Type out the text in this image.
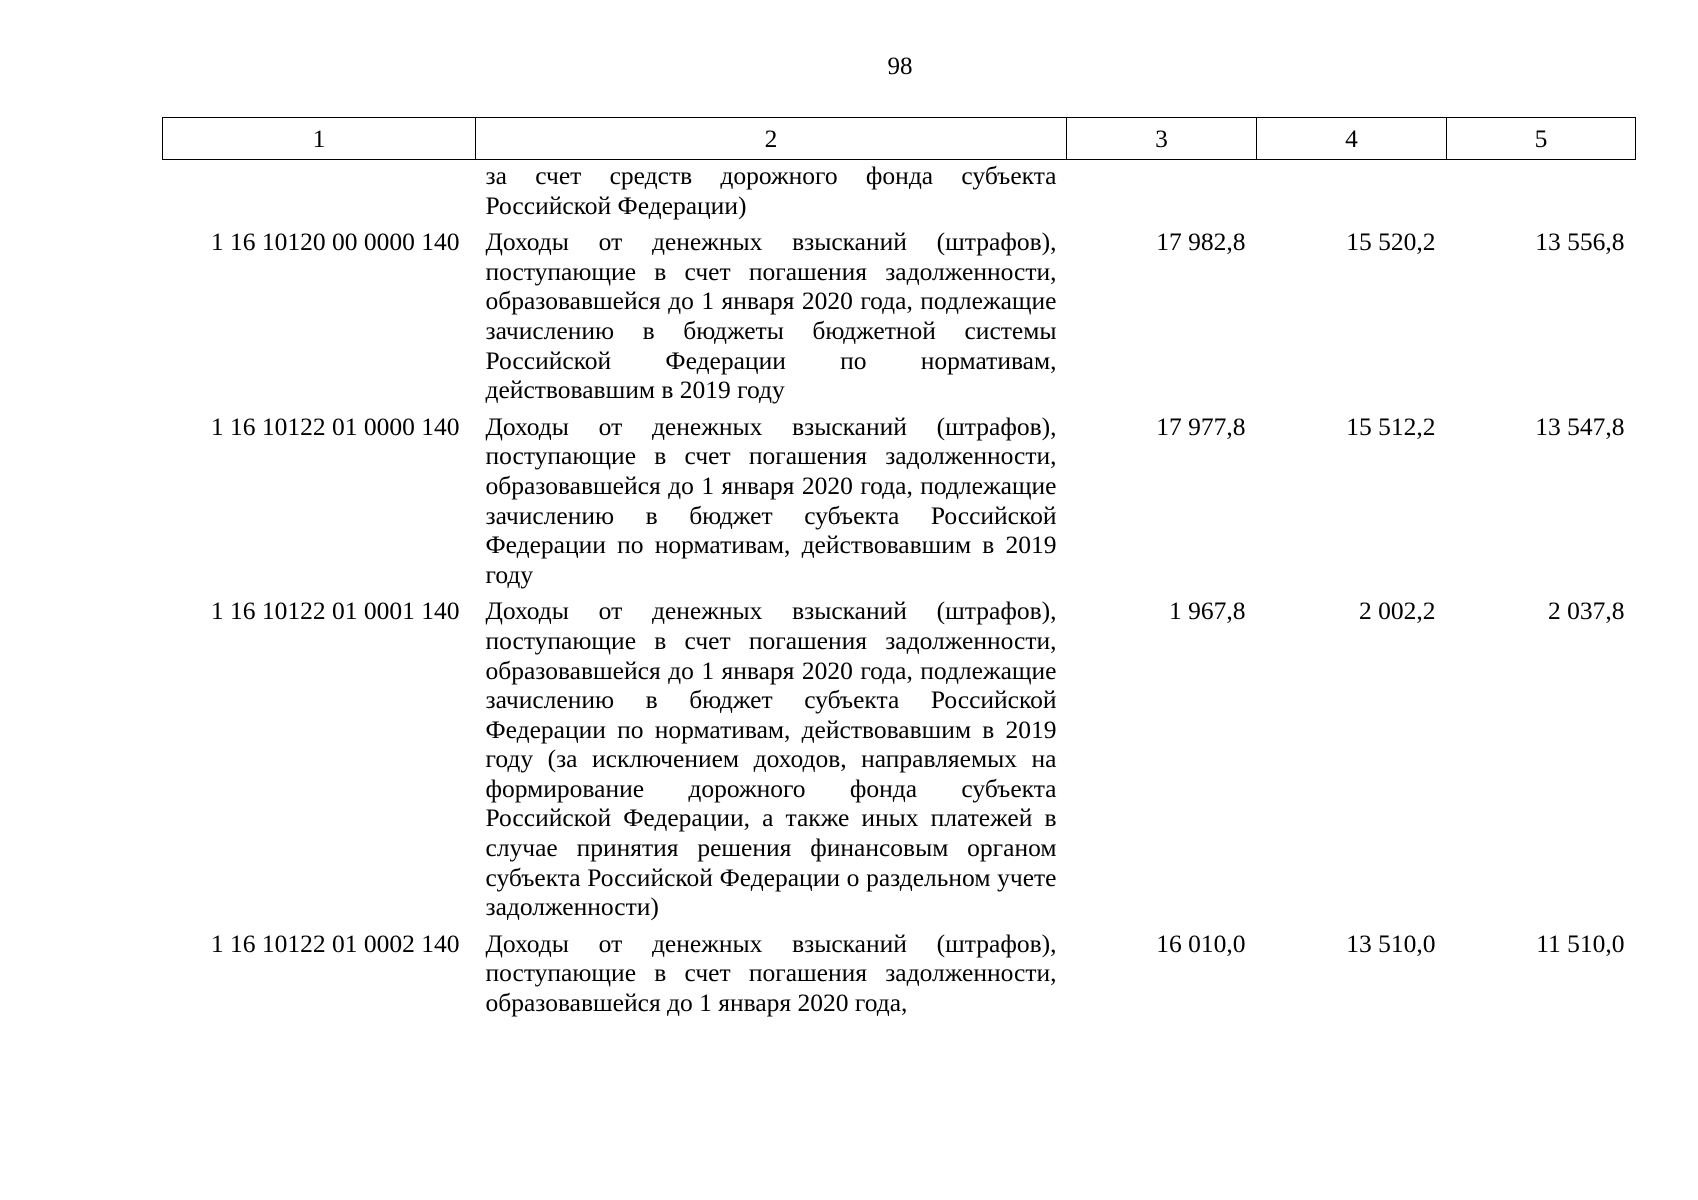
98
1	2	3	4	5
	за счет средств дорожного фонда субъекта Российской Федерации)			
1 16 10120 00 0000 140	Доходы от денежных взысканий (штрафов), поступающие в счет погашения задолженности, образовавшейся до 1 января 2020 года, подлежащие зачислению в бюджеты бюджетной системы Российской Федерации по нормативам, действовавшим в 2019 году	17 982,8	15 520,2	13 556,8
1 16 10122 01 0000 140	Доходы от денежных взысканий (штрафов), поступающие в счет погашения задолженности, образовавшейся до 1 января 2020 года, подлежащие зачислению в бюджет субъекта Российской Федерации по нормативам, действовавшим в 2019 году	17 977,8	15 512,2	13 547,8
1 16 10122 01 0001 140	Доходы от денежных взысканий (штрафов), поступающие в счет погашения задолженности, образовавшейся до 1 января 2020 года, подлежащие зачислению в бюджет субъекта Российской Федерации по нормативам, действовавшим в 2019 году (за исключением доходов, направляемых на формирование дорожного фонда субъекта Российской Федерации, а также иных платежей в случае принятия решения финансовым органом субъекта Российской Федерации о раздельном учете задолженности)	1 967,8	2 002,2	2 037,8
1 16 10122 01 0002 140	Доходы от денежных взысканий (штрафов), поступающие в счет погашения задолженности, образовавшейся до 1 января 2020 года,	16 010,0	13 510,0	11 510,0
